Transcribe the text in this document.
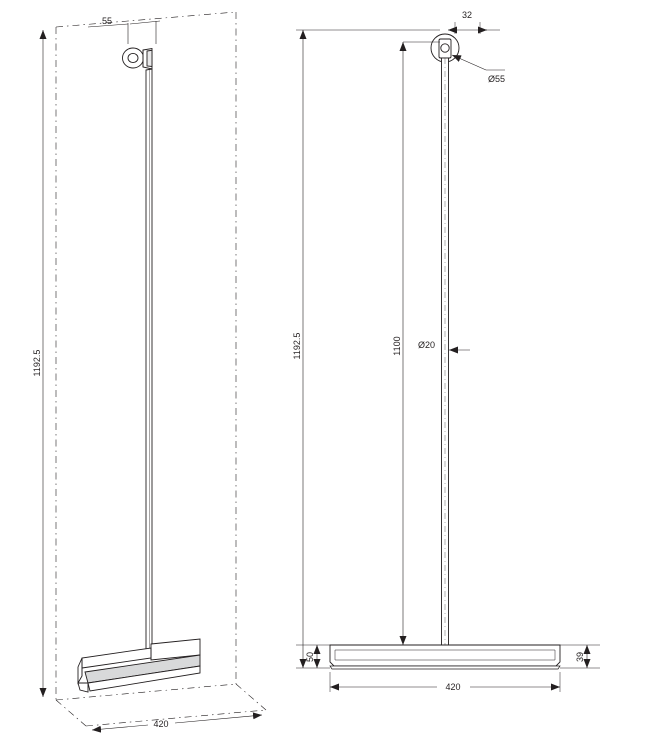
55
1192.5
420
32
Ø55
1192.5	1100 Ø20
50	39
420
